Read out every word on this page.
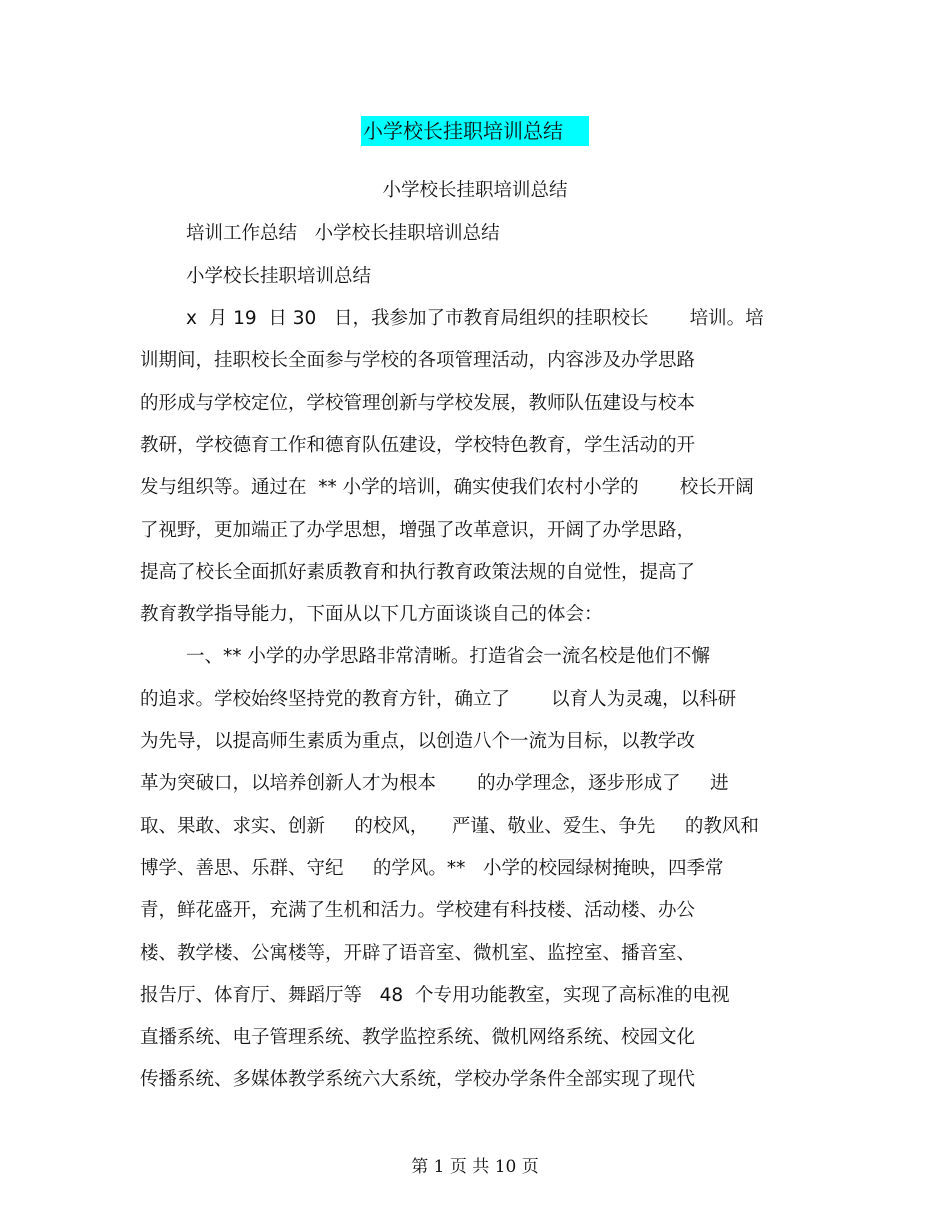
小学校长挂职培训总结
小学校长挂职培训总结
培训工作总结   小学校长挂职培训总结
小学校长挂职培训总结
x  月 19  日 30   日，我参加了市教育局组织的挂职校长       培训。培
训期间，挂职校长全面参与学校的各项管理活动，内容涉及办学思路
的形成与学校定位，学校管理创新与学校发展，教师队伍建设与校本
教研，学校德育工作和德育队伍建设，学校特色教育，学生活动的开
发与组织等。通过在  ** 小学的培训，确实使我们农村小学的       校长开阔
了视野，更加端正了办学思想，增强了改革意识，开阔了办学思路，
提高了校长全面抓好素质教育和执行教育政策法规的自觉性，提高了
教育教学指导能力，下面从以下几方面谈谈自己的体会：
一、** 小学的办学思路非常清晰。打造省会一流名校是他们不懈
的追求。学校始终坚持党的教育方针，确立了       以育人为灵魂，以科研
为先导，以提高师生素质为重点，以创造八个一流为目标，以教学改
革为突破口，以培养创新人才为根本       的办学理念，逐步形成了     进
取、果敢、求实、创新     的校风，    严谨、敬业、爱生、争先     的教风和
博学、善思、乐群、守纪     的学风。**   小学的校园绿树掩映，四季常
青，鲜花盛开，充满了生机和活力。学校建有科技楼、活动楼、办公
楼、教学楼、公寓楼等，开辟了语音室、微机室、监控室、播音室、
报告厅、体育厅、舞蹈厅等   48  个专用功能教室，实现了高标准的电视
直播系统、电子管理系统、教学监控系统、微机网络系统、校园文化
传播系统、多媒体教学系统六大系统，学校办学条件全部实现了现代
第 1 页 共 10 页
